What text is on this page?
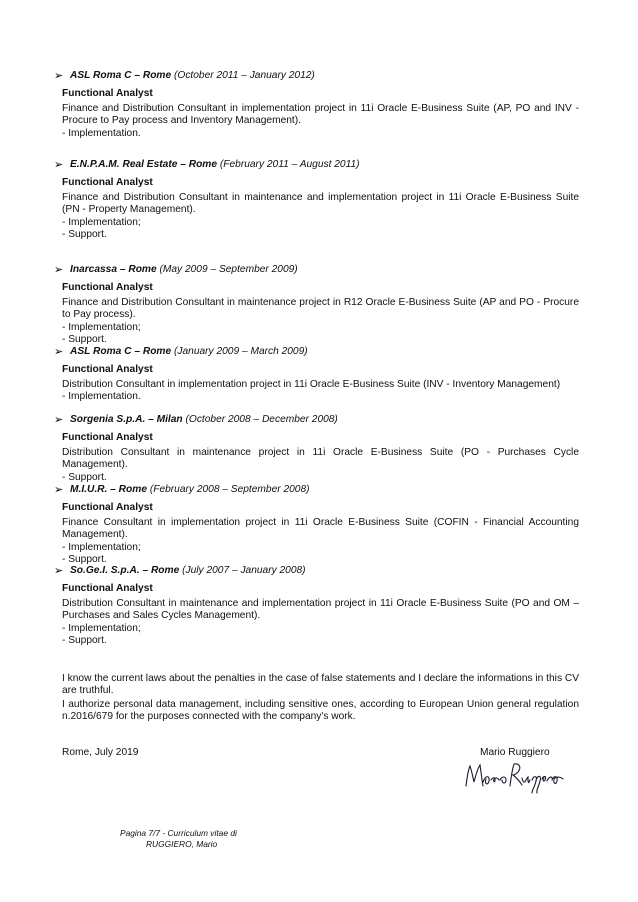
➢ ASL Roma C – Rome (October 2011 – January 2012)
Functional Analyst
Finance and Distribution Consultant in implementation project in 11i Oracle E-Business Suite (AP, PO and INV - Procure to Pay process and Inventory Management).
- Implementation.
➢ E.N.P.A.M. Real Estate – Rome (February 2011 – August 2011)
Functional Analyst
Finance and Distribution Consultant in maintenance and implementation project in 11i Oracle E-Business Suite (PN - Property Management).
- Implementation;
- Support.
➢ Inarcassa – Rome (May 2009 – September 2009)
Functional Analyst
Finance and Distribution Consultant in maintenance project in R12 Oracle E-Business Suite (AP and PO - Procure to Pay process).
- Implementation;
- Support.
➢ ASL Roma C – Rome (January 2009 – March 2009)
Functional Analyst
Distribution Consultant in implementation project in 11i Oracle E-Business Suite (INV - Inventory Management)
- Implementation.
➢ Sorgenia S.p.A. – Milan (October 2008 – December 2008)
Functional Analyst
Distribution Consultant in maintenance project in 11i Oracle E-Business Suite (PO - Purchases Cycle Management).
- Support.
➢ M.I.U.R. – Rome (February 2008 – September 2008)
Functional Analyst
Finance Consultant in implementation project in 11i Oracle E-Business Suite (COFIN - Financial Accounting Management).
- Implementation;
- Support.
➢ So.Ge.I. S.p.A. – Rome (July 2007 – January 2008)
Functional Analyst
Distribution Consultant in maintenance and implementation project in 11i Oracle E-Business Suite (PO and OM – Purchases and Sales Cycles Management).
- Implementation;
- Support.
I know the current laws about the penalties in the case of false statements and I declare the informations in this CV are truthful.
I authorize personal data management, including sensitive ones, according to European Union general regulation n.2016/679 for the purposes connected with the company's work.
Rome, July 2019	Mario Ruggiero
Pagina 7/7 - Curriculum vitae di
RUGGIERO, Mario
